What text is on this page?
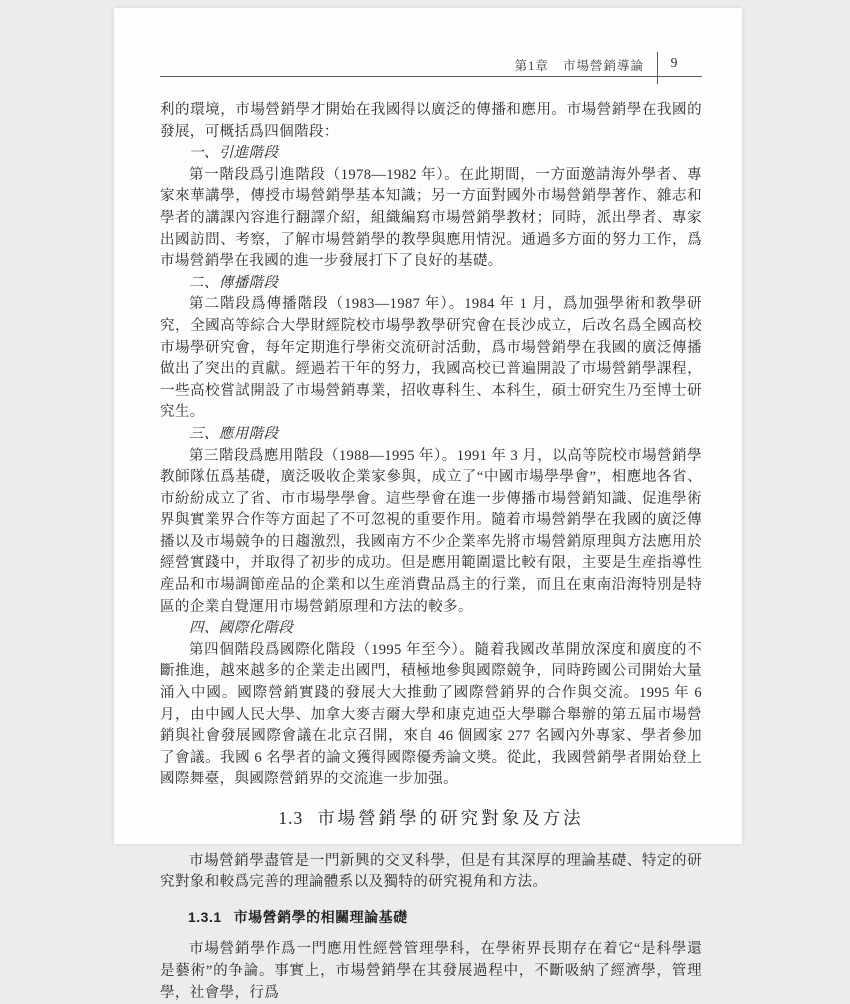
第1章 市場營銷導論	9

利的環境，市場營銷學才開始在我國得以廣泛的傳播和應用。市場營銷學在我國的發展，可概括爲四個階段：

一、引進階段

第一階段爲引進階段（1978—1982 年）。在此期間，一方面邀請海外學者、專家來華講學，傳授市場營銷學基本知識；另一方面對國外市場營銷學著作、雜志和學者的講課內容進行翻譯介紹，組織編寫市場營銷學教材；同時，派出學者、專家出國訪問、考察，了解市場營銷學的教學與應用情況。通過多方面的努力工作，爲市場營銷學在我國的進一步發展打下了良好的基礎。

二、傳播階段

第二階段爲傳播階段（1983—1987 年）。1984 年 1 月，爲加强學術和教學研究，全國高等綜合大學財經院校市場學教學研究會在長沙成立，后改名爲全國高校市場學研究會，每年定期進行學術交流研討活動，爲市場營銷學在我國的廣泛傳播做出了突出的貢獻。經過若干年的努力，我國高校已普遍開設了市場營銷學課程，一些高校嘗試開設了市場營銷專業，招收專科生、本科生，碩士研究生乃至博士研究生。

三、應用階段

第三階段爲應用階段（1988—1995 年）。1991 年 3 月，以高等院校市場營銷學教師隊伍爲基礎，廣泛吸收企業家參與，成立了“中國市場學學會”，相應地各省、市紛紛成立了省、市市場學學會。這些學會在進一步傳播市場營銷知識、促進學術界與實業界合作等方面起了不可忽視的重要作用。隨着市場營銷學在我國的廣泛傳播以及市場競争的日趨激烈，我國南方不少企業率先將市場營銷原理與方法應用於經營實踐中，并取得了初步的成功。但是應用範圍還比較有限，主要是生産指導性産品和市場調節産品的企業和以生産消費品爲主的行業，而且在東南沿海特別是特區的企業自覺運用市場營銷原理和方法的較多。

四、國際化階段

第四個階段爲國際化階段（1995 年至今）。隨着我國改革開放深度和廣度的不斷推進，越來越多的企業走出國門，積極地參與國際競争，同時跨國公司開始大量涌入中國。國際營銷實踐的發展大大推動了國際營銷界的合作與交流。1995 年 6 月，由中國人民大學、加拿大麥吉爾大學和康克迪亞大學聯合舉辦的第五届市場營銷與社會發展國際會議在北京召開，來自 46 個國家 277 名國內外專家、學者參加了會議。我國 6 名學者的論文獲得國際優秀論文奬。從此，我國營銷學者開始登上國際舞臺，與國際營銷界的交流進一步加强。

1.3 市場營銷學的研究對象及方法

市場營銷學盡管是一門新興的交叉科學，但是有其深厚的理論基礎、特定的研究對象和較爲完善的理論體系以及獨特的研究視角和方法。

1.3.1 市場營銷學的相關理論基礎

市場營銷學作爲一門應用性經營管理學科，在學術界長期存在着它“是科學還是藝術”的争論。事實上，市場營銷學在其發展過程中，不斷吸納了經濟學，管理學，社會學，行爲
